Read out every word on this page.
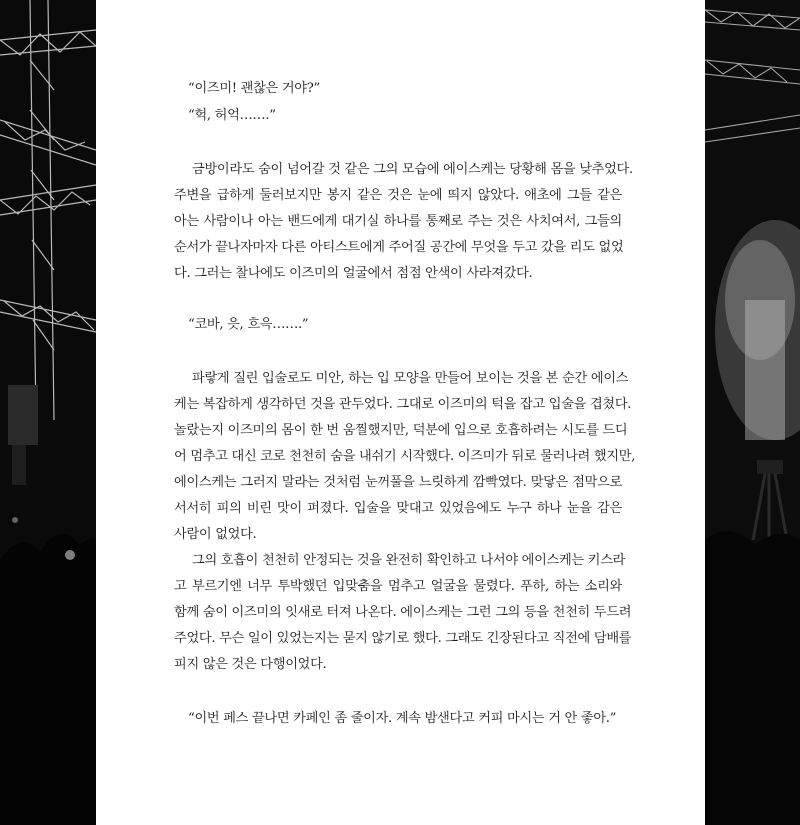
“이즈미! 괜찮은 거야?”
“헉, 허억…….”
금방이라도 숨이 넘어갈 것 같은 그의 모습에 에이스케는 당황해 몸을 낮추었다.
주변을 급하게 둘러보지만 봉지 같은 것은 눈에 띄지 않았다. 애초에 그들 같은
아는 사람이나 아는 밴드에게 대기실 하나를 통째로 주는 것은 사치여서, 그들의
순서가 끝나자마자 다른 아티스트에게 주어질 공간에 무엇을 두고 갔을 리도 없었
다. 그러는 찰나에도 이즈미의 얼굴에서 점점 안색이 사라져갔다.
“코바, 읏, 흐윽…….”
파랗게 질린 입술로도 미안, 하는 입 모양을 만들어 보이는 것을 본 순간 에이스
케는 복잡하게 생각하던 것을 관두었다. 그대로 이즈미의 턱을 잡고 입술을 겹쳤다.
놀랐는지 이즈미의 몸이 한 번 움찔했지만, 덕분에 입으로 호흡하려는 시도를 드디
어 멈추고 대신 코로 천천히 숨을 내쉬기 시작했다. 이즈미가 뒤로 물러나려 했지만,
에이스케는 그러지 말라는 것처럼 눈꺼풀을 느릿하게 깜빡였다. 맞닿은 점막으로
서서히 피의 비린 맛이 퍼졌다. 입술을 맞대고 있었음에도 누구 하나 눈을 감은
사람이 없었다.
그의 호흡이 천천히 안정되는 것을 완전히 확인하고 나서야 에이스케는 키스라
고 부르기엔 너무 투박했던 입맞춤을 멈추고 얼굴을 물렸다. 푸하, 하는 소리와
함께 숨이 이즈미의 잇새로 터져 나온다. 에이스케는 그런 그의 등을 천천히 두드려
주었다. 무슨 일이 있었는지는 묻지 않기로 했다. 그래도 긴장된다고 직전에 담배를
피지 않은 것은 다행이었다.
“이번 페스 끝나면 카페인 좀 줄이자. 계속 밤샌다고 커피 마시는 거 안 좋아.”
